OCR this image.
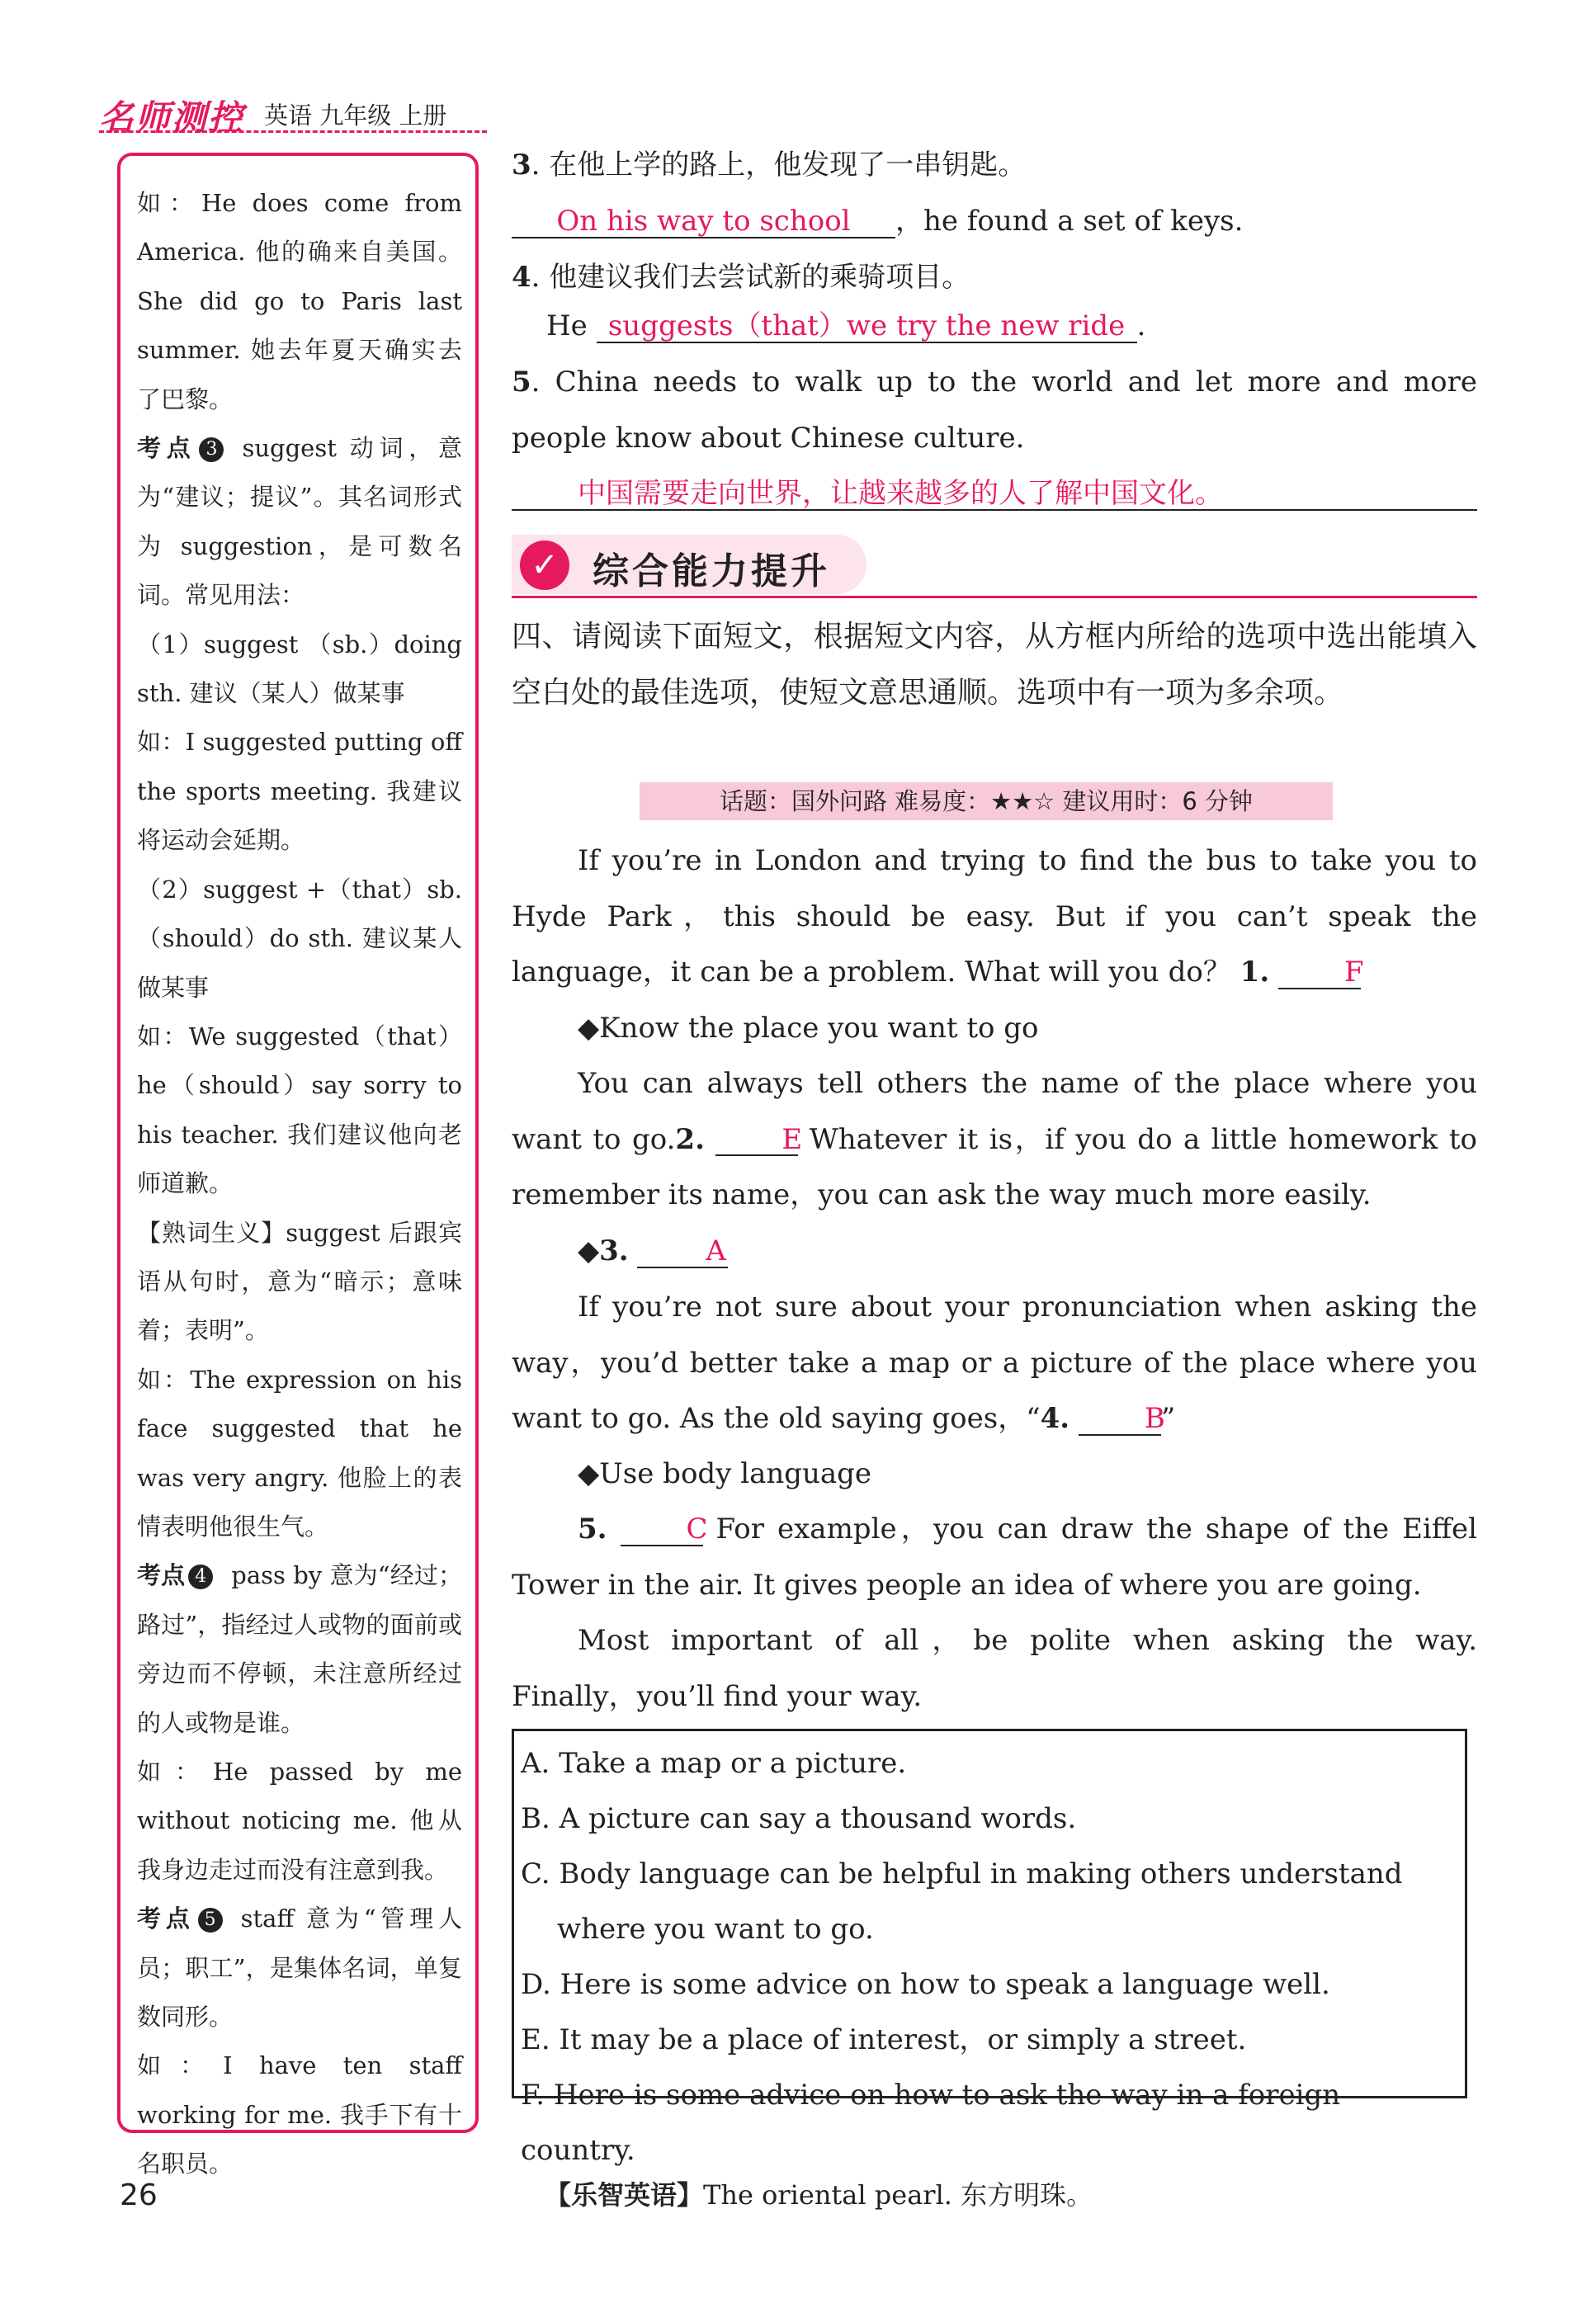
名师测控 英语 九年级 上册

如：He does come from America. 他的确来自美国。She did go to Paris last summer. 她去年夏天确实去了巴黎。

考点 3 suggest 动词，意为“建议；提议”。其名词形式为 suggestion，是可数名词。常见用法：

（1）suggest （sb.）doing sth. 建议（某人）做某事

如：I suggested putting off the sports meeting. 我建议将运动会延期。

（2）suggest +（that）sb.（should）do sth. 建议某人做某事

如：We suggested（that）he（should）say sorry to his teacher. 我们建议他向老师道歉。

【熟词生义】suggest 后跟宾语从句时，意为“暗示；意味着；表明”。

如：The expression on his face suggested that he was very angry. 他脸上的表情表明他很生气。

考点 4 pass by 意为“经过；路过”，指经过人或物的面前或旁边而不停顿，未注意所经过的人或物是谁。

如：He passed by me without noticing me. 他从我身边走过而没有注意到我。

考点 5 staff 意为“管理人员；职工”，是集体名词，单复数同形。

如：I have ten staff working for me. 我手下有十名职员。

3. 在他上学的路上，他发现了一串钥匙。
On his way to school ，he found a set of keys.
4. 他建议我们去尝试新的乘骑项目。
He suggests（that）we try the new ride .

5. China needs to walk up to the world and let more and more people know about Chinese culture.

中国需要走向世界，让越来越多的人了解中国文化。
✓ 综合能力提升

四、请阅读下面短文，根据短文内容，从方框内所给的选项中选出能填入空白处的最佳选项，使短文意思通顺。选项中有一项为多余项。

话题：国外问路 难易度：★★☆ 建议用时：6 分钟

If you’re in London and trying to find the bus to take you to Hyde Park，this should be easy. But if you can’t speak the language，it can be a problem. What will you do？ 1.	F

◆Know the place you want to go

You can always tell others the name of the place where you want to go.2.	E Whatever it is，if you do a little homework to remember its name，you can ask the way much more easily.

◆3.	A

If you’re not sure about your pronunciation when asking the way，you’d better take a map or a picture of the place where you want to go. As the old saying goes，“4.	B”

◆Use body language

5.	C For example，you can draw the shape of the Eiffel Tower in the air. It gives people an idea of where you are going.

Most important of all，be polite when asking the way. Finally，you’ll find your way.

A. Take a map or a picture.
B. A picture can say a thousand words.
C. Body language can be helpful in making others understand where you want to go.
D. Here is some advice on how to speak a language well.
E. It may be a place of interest，or simply a street.
F. Here is some advice on how to ask the way in a foreign country.
26	【乐智英语】The oriental pearl. 东方明珠。
